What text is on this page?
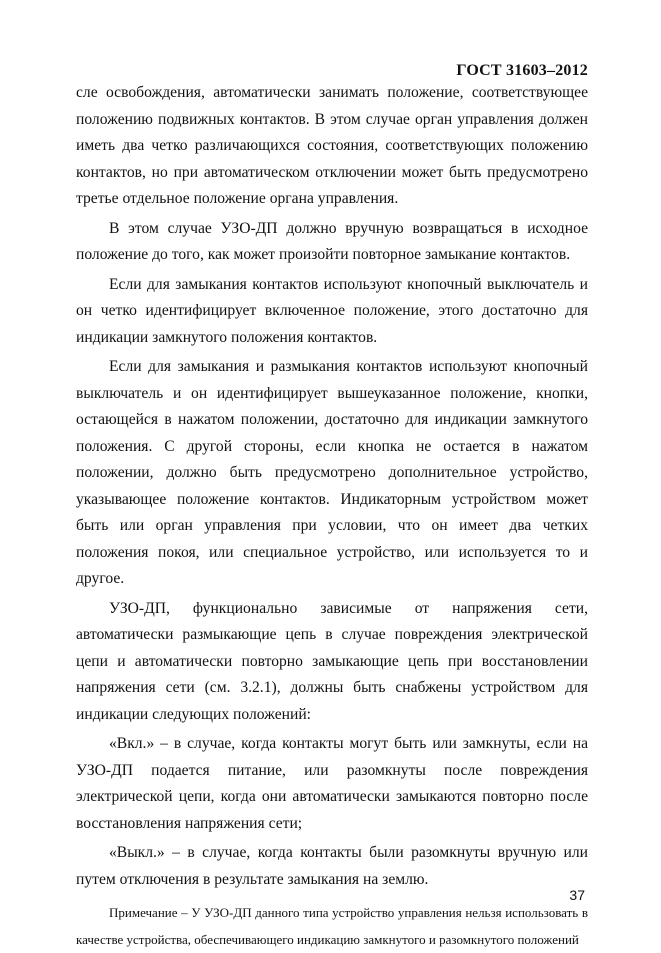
ГОСТ 31603–2012

сле освобождения, автоматически занимать положение, соответствующее положению подвижных контактов. В этом случае орган управления должен иметь два четко различающихся состояния, соответствующих положению контактов, но при автоматическом отключении может быть предусмотрено третье отдельное положение органа управления.

В этом случае УЗО-ДП должно вручную возвращаться в исходное положение до того, как может произойти повторное замыкание контактов.

Если для замыкания контактов используют кнопочный выключатель и он четко идентифицирует включенное положение, этого достаточно для индикации замкнутого положения контактов.

Если для замыкания и размыкания контактов используют кнопочный выключатель и он идентифицирует вышеуказанное положение, кнопки, остающейся в нажатом положении, достаточно для индикации замкнутого положения. С другой стороны, если кнопка не остается в нажатом положении, должно быть предусмотрено дополнительное устройство, указывающее положение контактов. Индикаторным устройством может быть или орган управления при условии, что он имеет два четких положения покоя, или специальное устройство, или используется то и другое.

УЗО-ДП, функционально зависимые от напряжения сети, автоматически размыкающие цепь в случае повреждения электрической цепи и автоматически повторно замыкающие цепь при восстановлении напряжения сети (см. 3.2.1), должны быть снабжены устройством для индикации следующих положений:

«Вкл.» – в случае, когда контакты могут быть или замкнуты, если на УЗО-ДП подается питание, или разомкнуты после повреждения электрической цепи, когда они автоматически замыкаются повторно после восстановления напряжения сети;

«Выкл.» – в случае, когда контакты были разомкнуты вручную или путем отключения в результате замыкания на землю.

Примечание – У УЗО-ДП данного типа устройство управления нельзя использовать в качестве устройства, обеспечивающего индикацию замкнутого и разомкнутого положений

37
